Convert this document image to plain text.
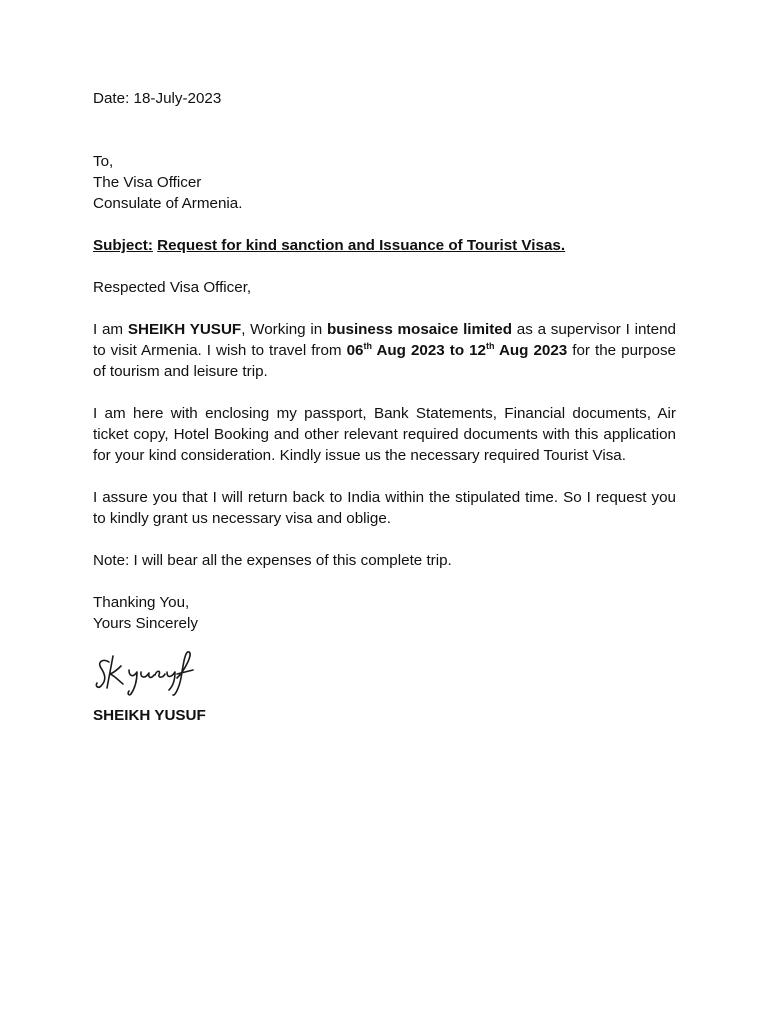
Date: 18-July-2023

To,

The Visa Officer

Consulate of Armenia.

Subject: Request for kind sanction and Issuance of Tourist Visas.

Respected Visa Officer,

I am SHEIKH YUSUF, Working in business mosaice limited as a supervisor I intend to visit Armenia. I wish to travel from 06th Aug 2023 to 12th Aug 2023 for the purpose of tourism and leisure trip.

I am here with enclosing my passport, Bank Statements, Financial documents, Air ticket copy, Hotel Booking and other relevant required documents with this application for your kind consideration. Kindly issue us the necessary required Tourist Visa.

I assure you that I will return back to India within the stipulated time. So I request you to kindly grant us necessary visa and oblige.

Note: I will bear all the expenses of this complete trip.

Thanking You,

Yours Sincerely

SHEIKH YUSUF
